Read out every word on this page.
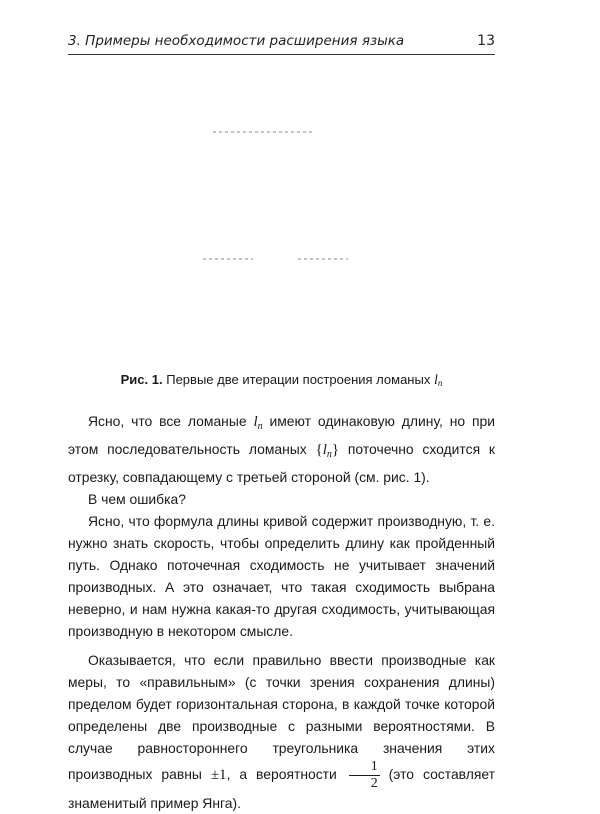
3. Примеры необходимости расширения языка	13
Рис. 1. Первые две итерации построения ломаных $l_n$

Ясно, что все ломаные $l_n$ имеют одинаковую длину, но при этом последовательность ломаных $\{l_n\}$ поточечно сходится к отрезку, совпадающему с третьей стороной (см. рис. 1).

В чем ошибка?

Ясно, что формула длины кривой содержит производную, т. е. нужно знать скорость, чтобы определить длину как пройденный путь. Однако поточечная сходимость не учитывает значений производных. А это означает, что такая сходимость выбрана неверно, и нам нужна какая-то другая сходимость, учитывающая производную в некотором смысле.

Оказывается, что если правильно ввести производные как меры, то «правильным» (с точки зрения сохранения длины) пределом будет горизонтальная сторона, в каждой точке которой определены две производные с разными вероятностями. В случае равностороннего треугольника значения этих производных равны ±1, а вероятности $\frac{1}{2} (это$ составляет знаменитый пример Янга).
